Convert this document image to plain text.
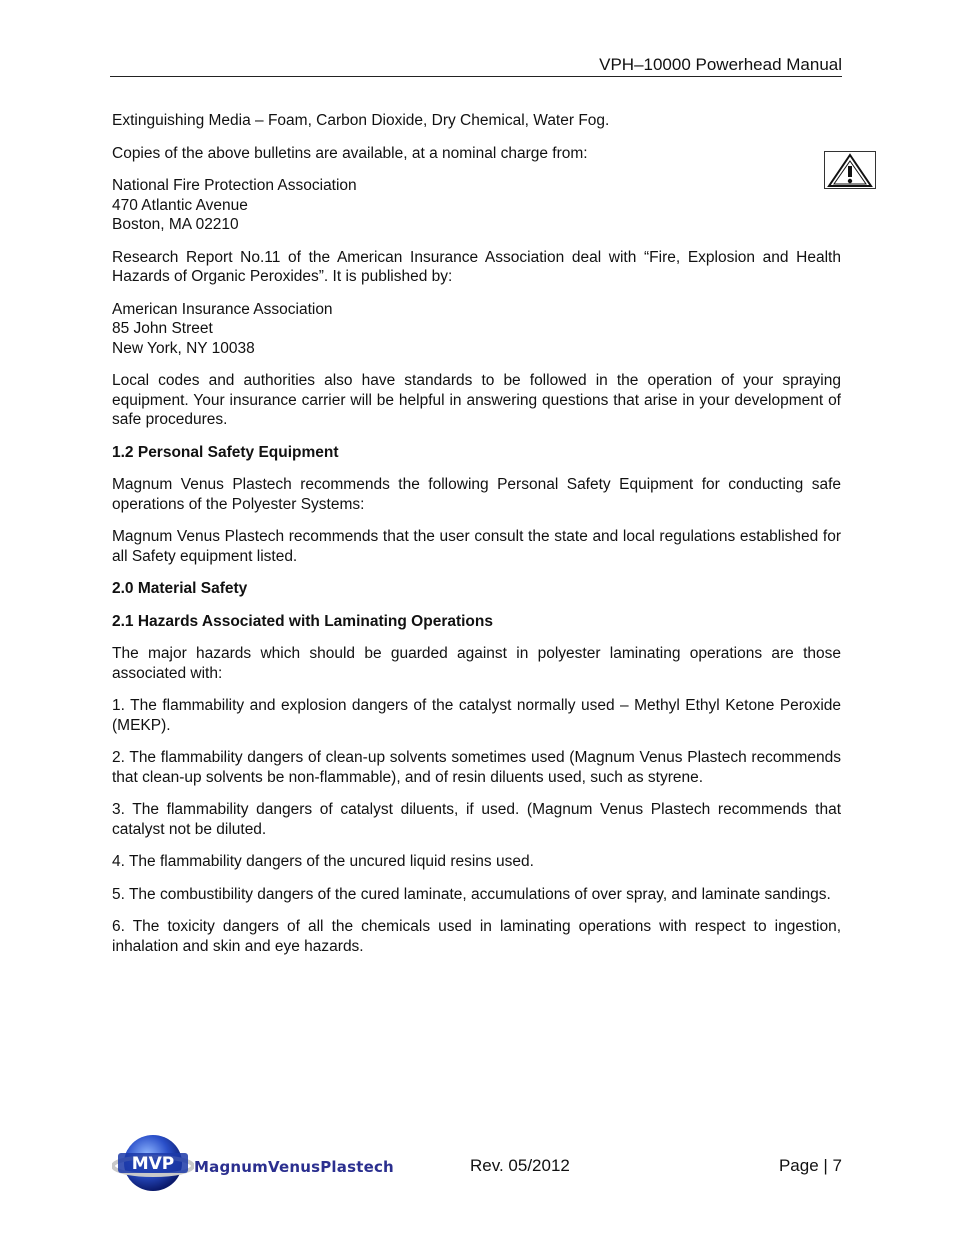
VPH–10000 Powerhead Manual

Extinguishing Media – Foam, Carbon Dioxide, Dry Chemical, Water Fog.

Copies of the above bulletins are available, at a nominal charge from:

National Fire Protection Association
470 Atlantic Avenue
Boston, MA 02210

Research Report No.11 of the American Insurance Association deal with “Fire, Explosion and Health Hazards of Organic Peroxides”. It is published by:

American Insurance Association
85 John Street
New York, NY 10038

Local codes and authorities also have standards to be followed in the operation of your spraying equipment. Your insurance carrier will be helpful in answering questions that arise in your development of safe procedures.

1.2 Personal Safety Equipment

Magnum Venus Plastech recommends the following Personal Safety Equipment for conducting safe operations of the Polyester Systems:

Magnum Venus Plastech recommends that the user consult the state and local regulations established for all Safety equipment listed.

2.0 Material Safety
2.1 Hazards Associated with Laminating Operations

The major hazards which should be guarded against in polyester laminating operations are those associated with:

1. The flammability and explosion dangers of the catalyst normally used – Methyl Ethyl Ketone Peroxide (MEKP).

2. The flammability dangers of clean-up solvents sometimes used (Magnum Venus Plastech recommends that clean-up solvents be non-flammable), and of resin diluents used, such as styrene.

3. The flammability dangers of catalyst diluents, if used. (Magnum Venus Plastech recommends that catalyst not be diluted.

4. The flammability dangers of the uncured liquid resins used.

5. The combustibility dangers of the cured laminate, accumulations of over spray, and laminate sandings.

6. The toxicity dangers of all the chemicals used in laminating operations with respect to ingestion, inhalation and skin and eye hazards.

MVP MagnumVenusPlastech	Rev. 05/2012	Page | 7
